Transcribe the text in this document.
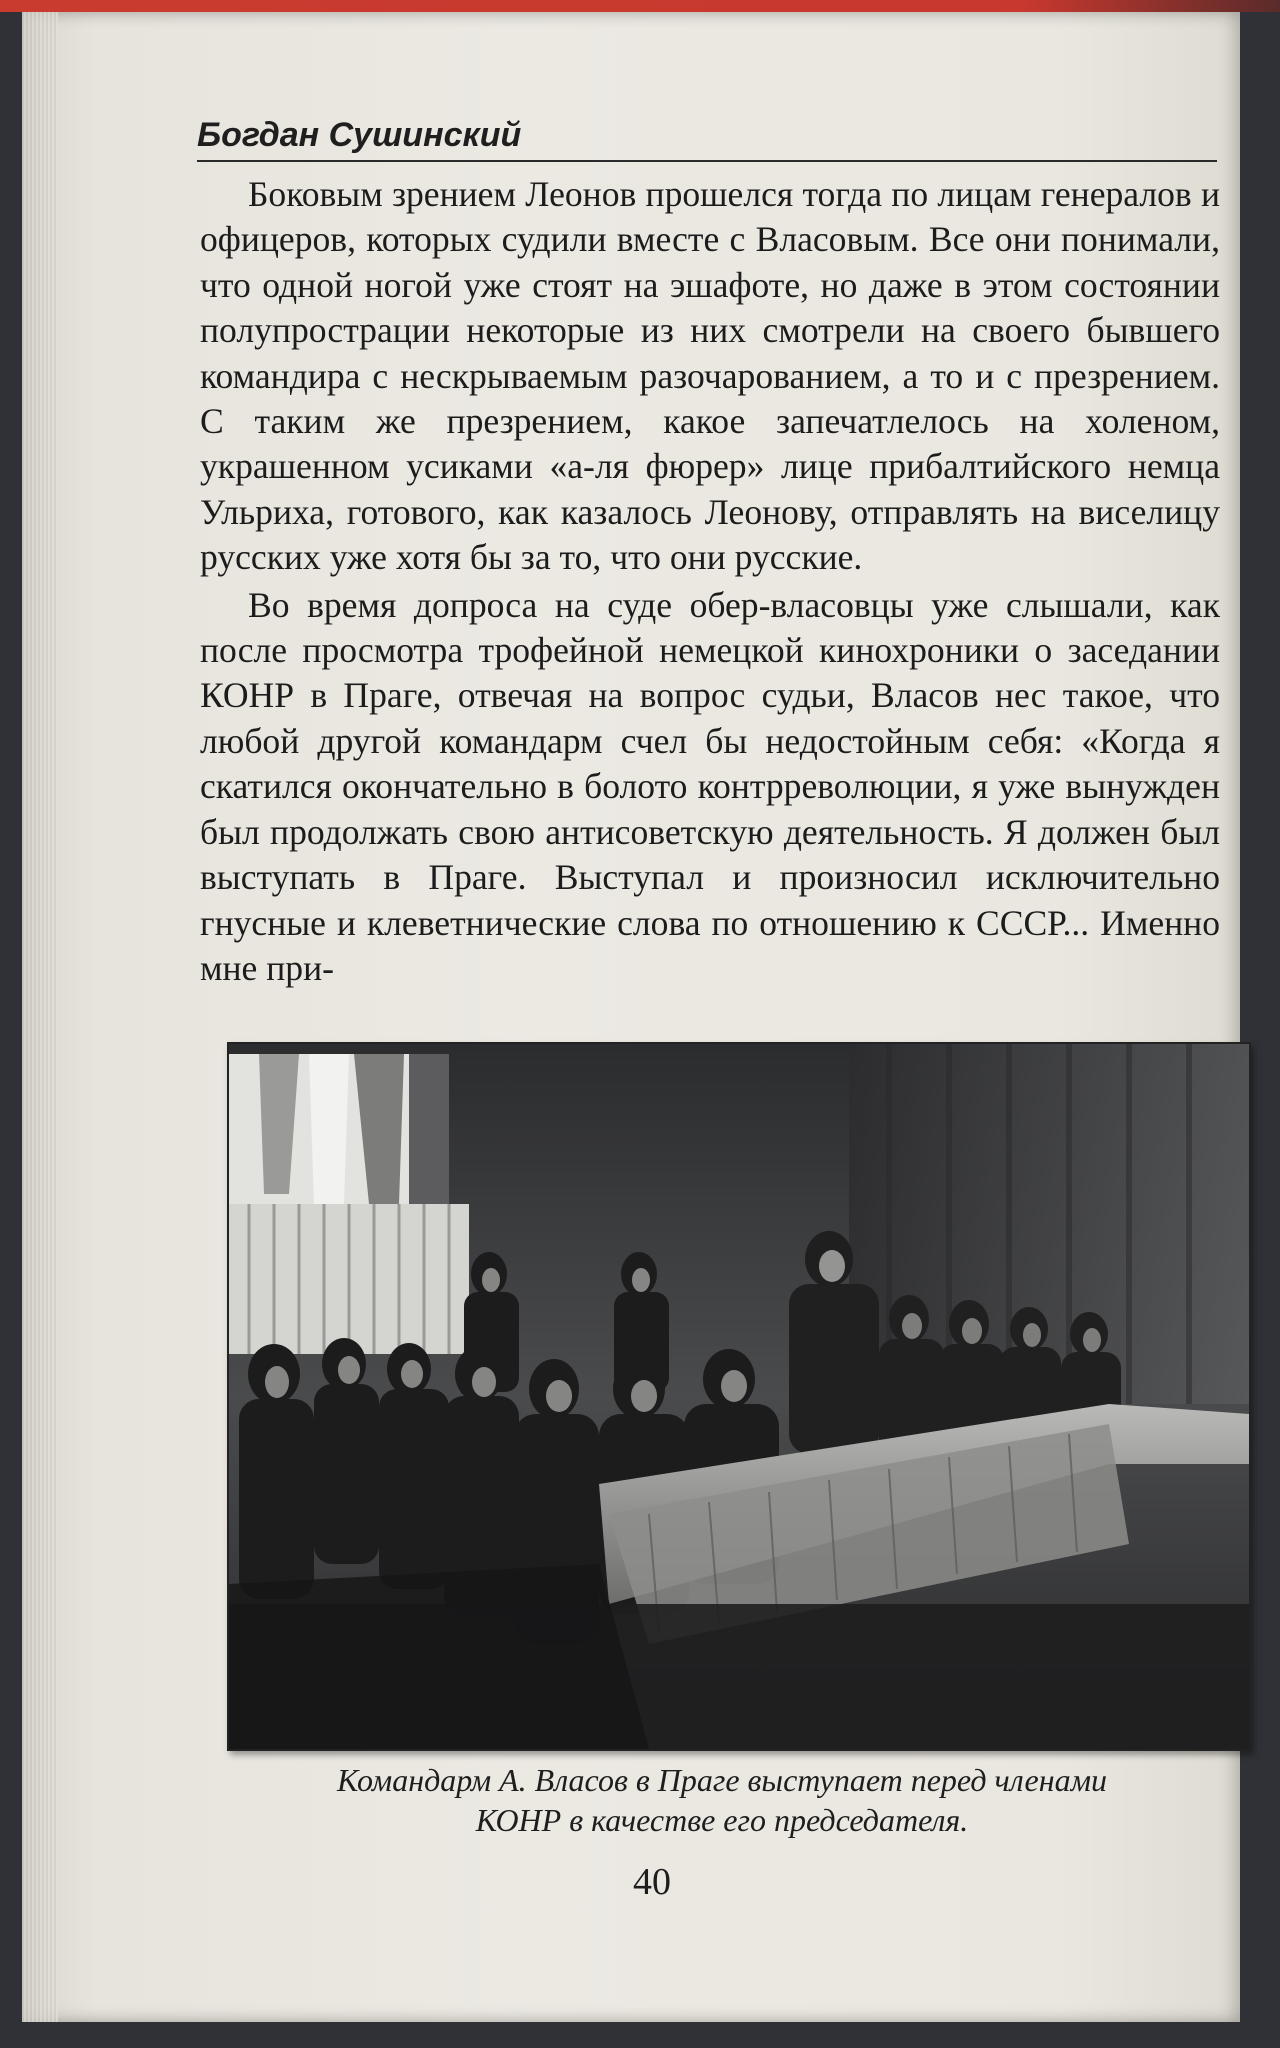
Богдан Сушинский

Боковым зрением Леонов прошелся тогда по лицам генералов и офицеров, которых судили вместе с Власовым. Все они понимали, что одной ногой уже стоят на эшафоте, но даже в этом состоянии полупрострации некоторые из них смотрели на своего бывшего командира с нескрываемым разочарованием, а то и с презрением. С таким же презрением, какое запечатлелось на холеном, украшенном усиками «а-ля фюрер» лице прибалтийского немца Ульриха, готового, как казалось Леонову, отправлять на виселицу русских уже хотя бы за то, что они русские.

Во время допроса на суде обер-власовцы уже слышали, как после просмотра трофейной немецкой кинохроники о заседании КОНР в Праге, отвечая на вопрос судьи, Власов нес такое, что любой другой командарм счел бы недостойным себя: «Когда я скатился окончательно в болото контрреволюции, я уже вынужден был продолжать свою антисоветскую деятельность. Я должен был выступать в Праге. Выступал и произносил исключительно гнусные и клеветнические слова по отношению к СССР... Именно мне при-

Командарм А. Власов в Праге выступает перед членами
КОНР в качестве его председателя.
40
